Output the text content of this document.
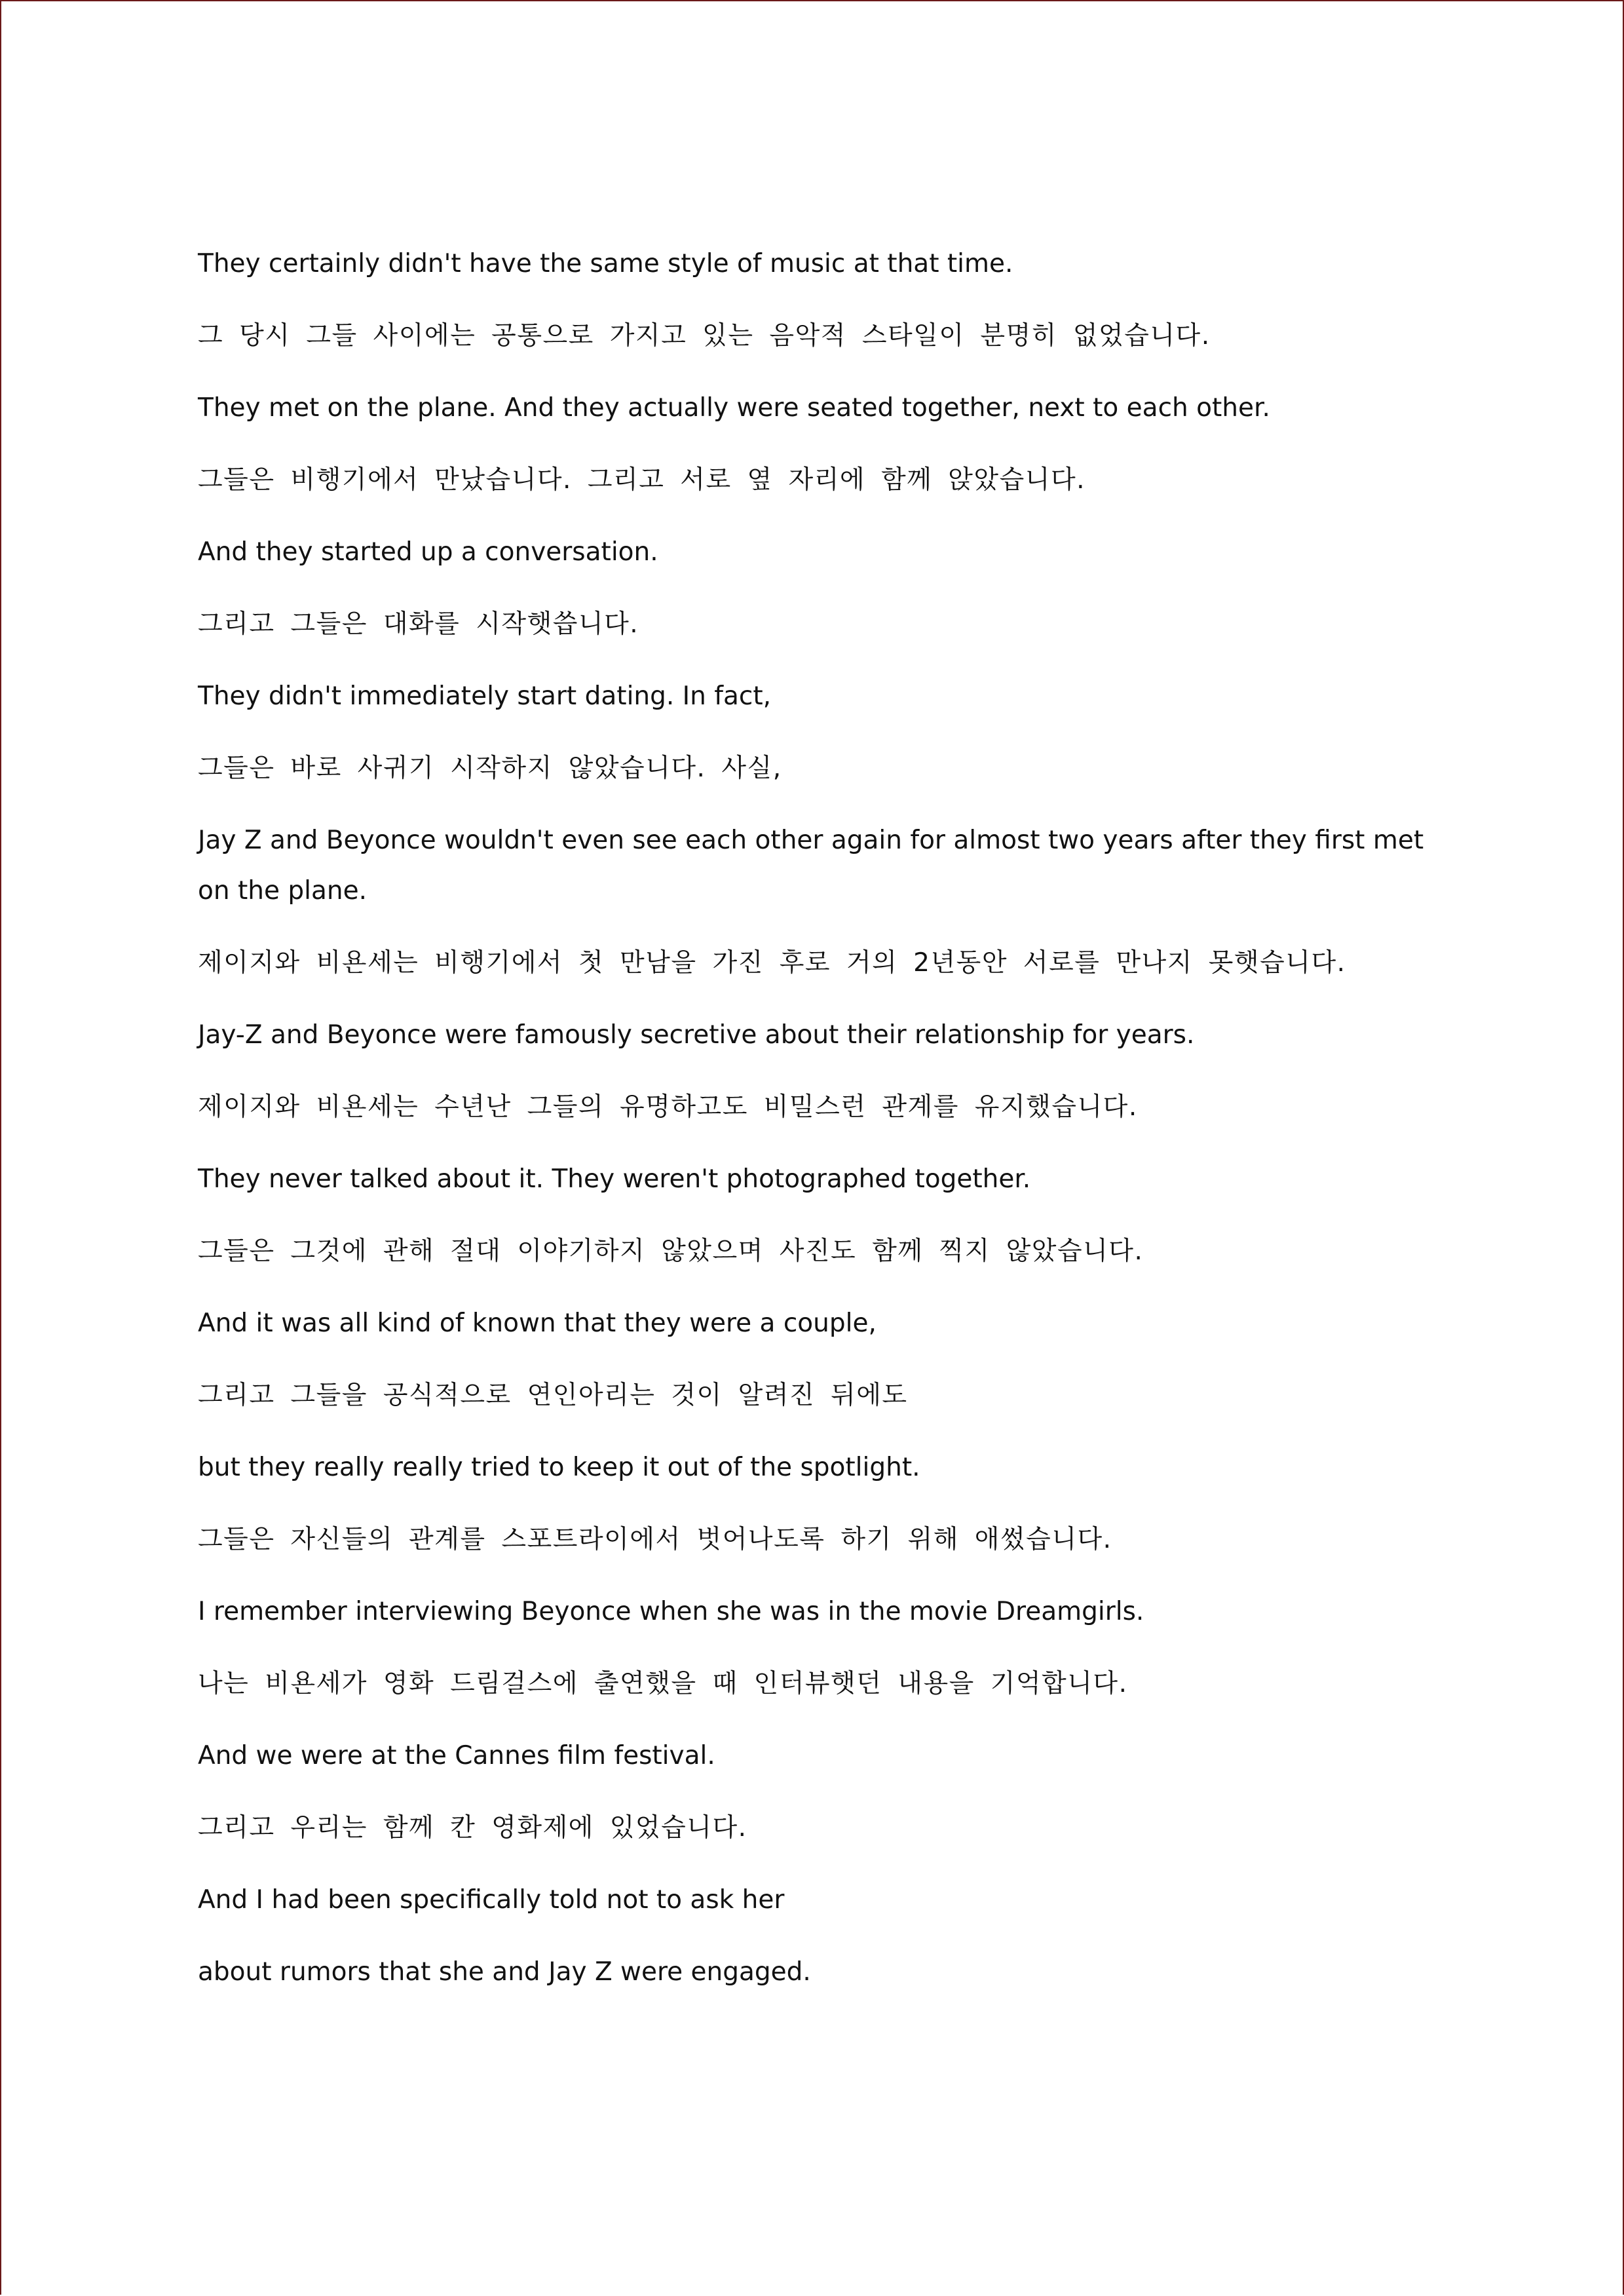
They certainly didn't have the same style of music at that time.

그 당시 그들 사이에는 공통으로 가지고 있는 음악적 스타일이 분명히 없었습니다.

They met on the plane. And they actually were seated together, next to each other.

그들은 비행기에서 만났습니다. 그리고 서로 옆 자리에 함께 앉았습니다.

And they started up a conversation.

그리고 그들은 대화를 시작햇씁니다.

They didn't immediately start dating. In fact,

그들은 바로 사귀기 시작하지 않았습니다. 사실,

Jay Z and Beyonce wouldn't even see each other again for almost two years after they first met on the plane.

제이지와 비욘세는 비행기에서 첫 만남을 가진 후로 거의 2년동안 서로를 만나지 못햇습니다.

Jay-Z and Beyonce were famously secretive about their relationship for years.

제이지와 비욘세는 수년난 그들의 유명하고도 비밀스런 관계를 유지했습니다.

They never talked about it. They weren't photographed together.

그들은 그것에 관해 절대 이야기하지 않았으며 사진도 함께 찍지 않았습니다.

And it was all kind of known that they were a couple,

그리고 그들을 공식적으로 연인아리는 것이 알려진 뒤에도

but they really really tried to keep it out of the spotlight.

그들은 자신들의 관계를 스포트라이에서 벗어나도록 하기 위해 애썼습니다.

I remember interviewing Beyonce when she was in the movie Dreamgirls.

나는 비욘세가 영화 드림걸스에 출연했을 때 인터뷰햇던 내용을 기억합니다.

And we were at the Cannes film festival.

그리고 우리는 함께 칸 영화제에 있었습니다.

And I had been specifically told not to ask her

about rumors that she and Jay Z were engaged.
